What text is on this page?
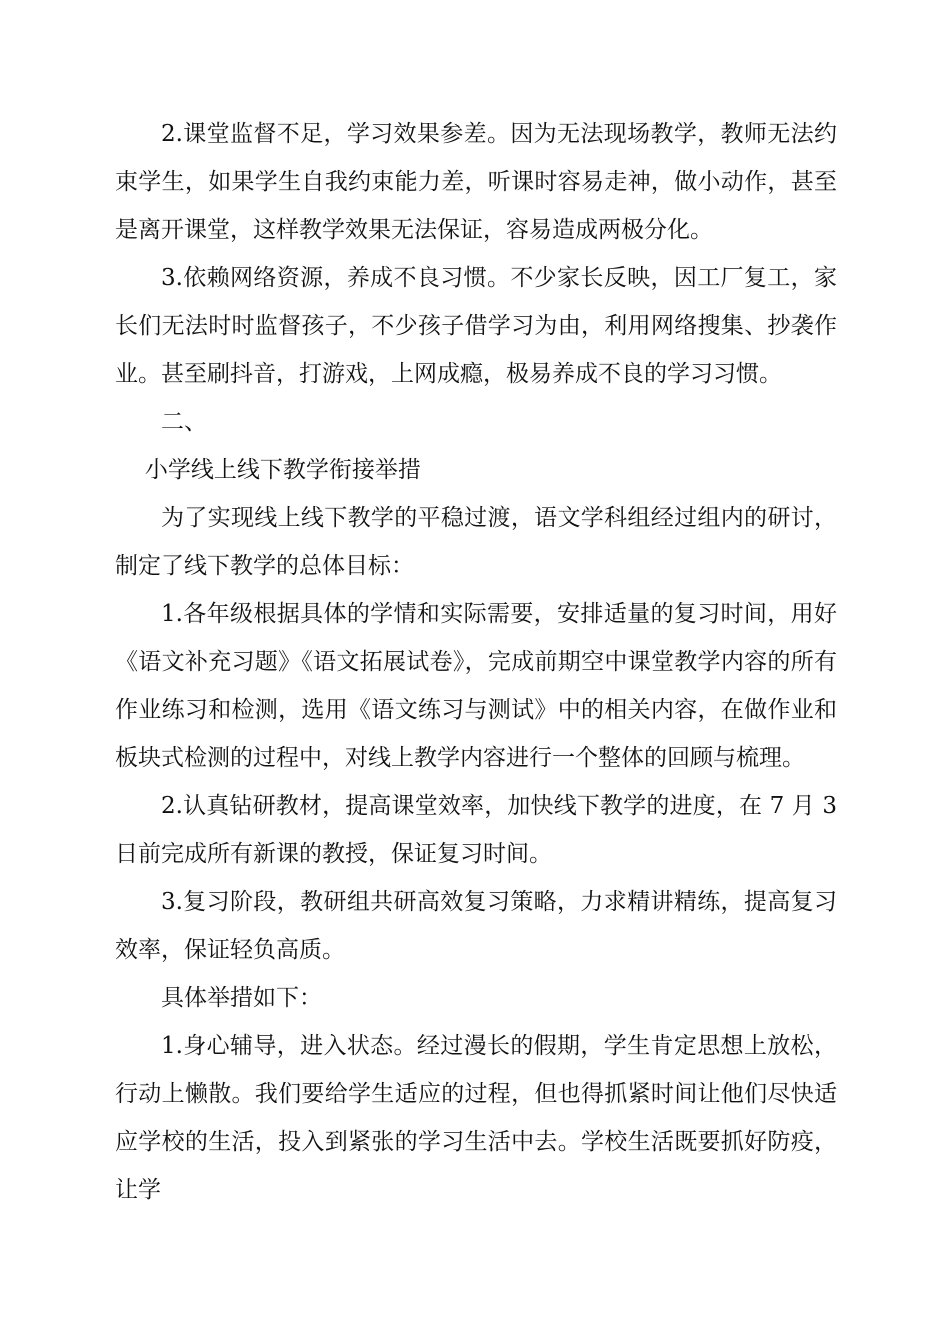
2.课堂监督不足，学习效果参差。因为无法现场教学，教师无法约束学生，如果学生自我约束能力差，听课时容易走神，做小动作，甚至是离开课堂，这样教学效果无法保证，容易造成两极分化。

3.依赖网络资源，养成不良习惯。不少家长反映，因工厂复工，家长们无法时时监督孩子，不少孩子借学习为由，利用网络搜集、抄袭作业。甚至刷抖音，打游戏，上网成瘾，极易养成不良的学习习惯。

二、

小学线上线下教学衔接举措

为了实现线上线下教学的平稳过渡，语文学科组经过组内的研讨，制定了线下教学的总体目标：

1.各年级根据具体的学情和实际需要，安排适量的复习时间，用好《语文补充习题》《语文拓展试卷》，完成前期空中课堂教学内容的所有作业练习和检测，选用《语文练习与测试》中的相关内容，在做作业和板块式检测的过程中，对线上教学内容进行一个整体的回顾与梳理。

2.认真钻研教材，提高课堂效率，加快线下教学的进度，在 7 月 3日前完成所有新课的教授，保证复习时间。

3.复习阶段，教研组共研高效复习策略，力求精讲精练，提高复习效率，保证轻负高质。

具体举措如下：

1.身心辅导，进入状态。经过漫长的假期，学生肯定思想上放松，行动上懒散。我们要给学生适应的过程，但也得抓紧时间让他们尽快适应学校的生活，投入到紧张的学习生活中去。学校生活既要抓好防疫，让学
